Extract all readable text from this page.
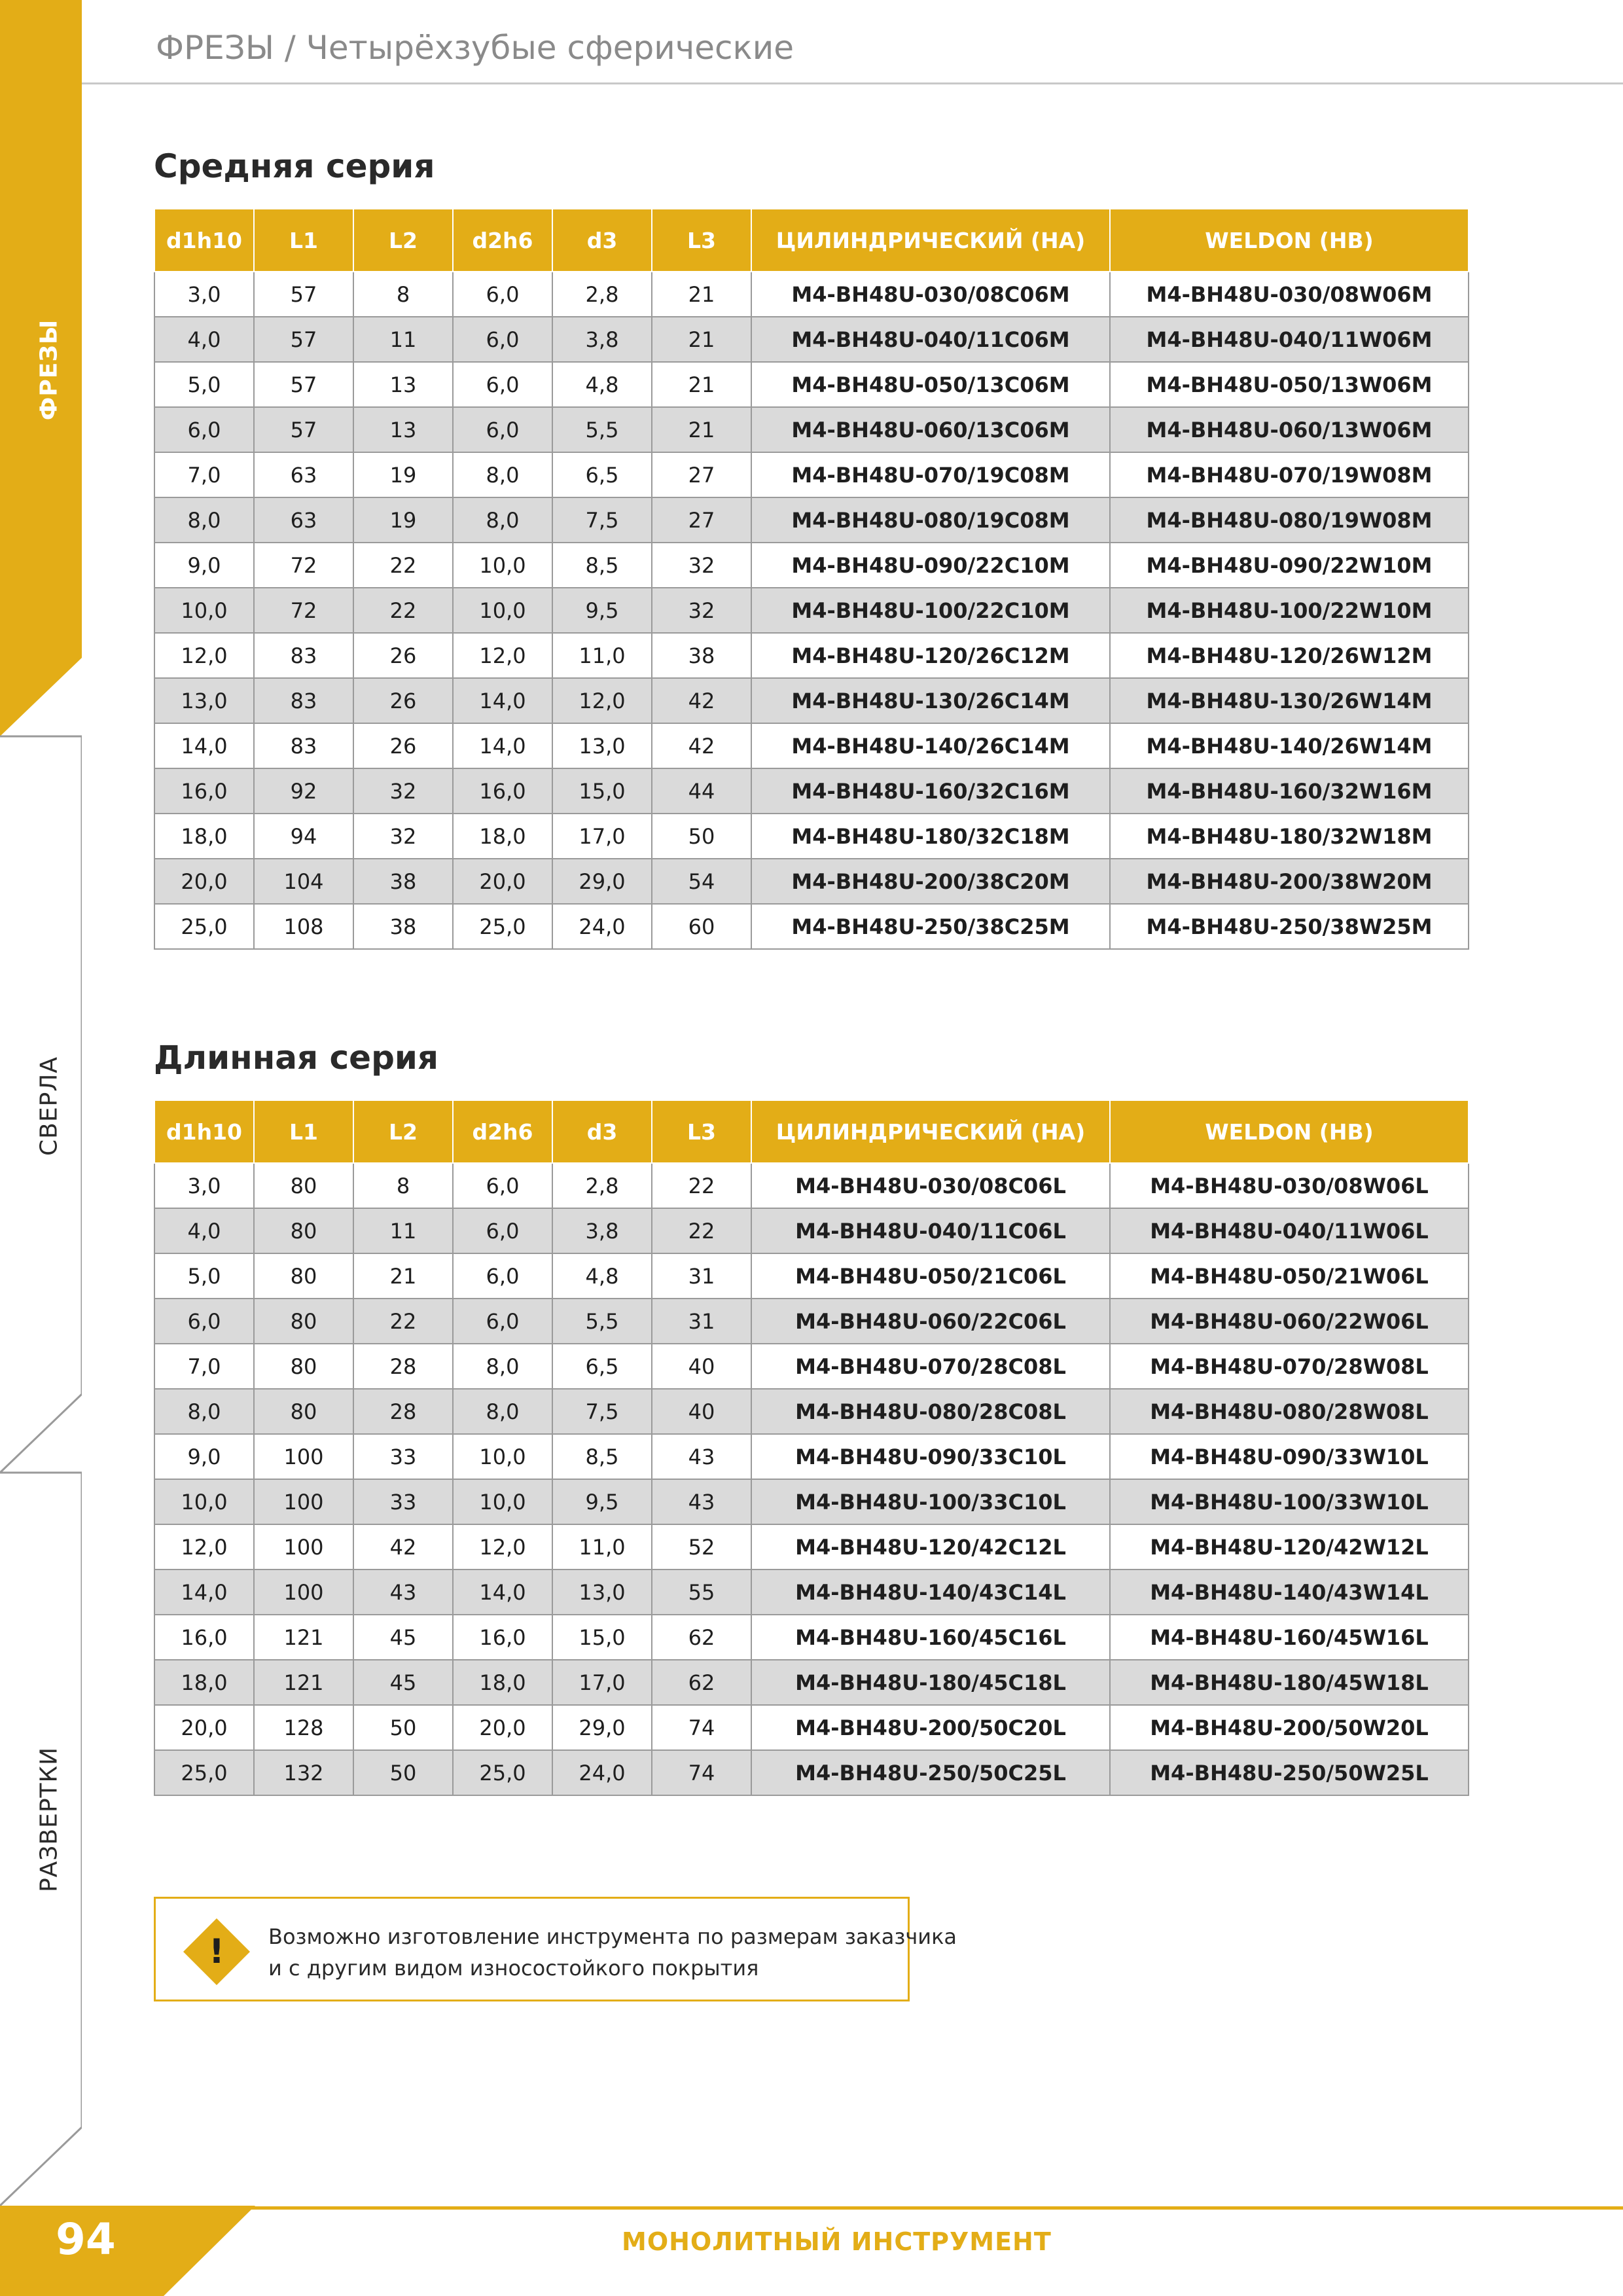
ФРЕЗЫ / Четырёхзубые сферические
ФРЕЗЫ
СВЕРЛА
РАЗВЕРТКИ
Средняя серия
d1h10	L1	L2	d2h6	d3	L3	ЦИЛИНДРИЧЕСКИЙ (HA)	WELDON (HB)
3,0	57	8	6,0	2,8	21	M4-BH48U-030/08C06M	M4-BH48U-030/08W06M
4,0	57	11	6,0	3,8	21	M4-BH48U-040/11C06M	M4-BH48U-040/11W06M
5,0	57	13	6,0	4,8	21	M4-BH48U-050/13C06M	M4-BH48U-050/13W06M
6,0	57	13	6,0	5,5	21	M4-BH48U-060/13C06M	M4-BH48U-060/13W06M
7,0	63	19	8,0	6,5	27	M4-BH48U-070/19C08M	M4-BH48U-070/19W08M
8,0	63	19	8,0	7,5	27	M4-BH48U-080/19C08M	M4-BH48U-080/19W08M
9,0	72	22	10,0	8,5	32	M4-BH48U-090/22C10M	M4-BH48U-090/22W10M
10,0	72	22	10,0	9,5	32	M4-BH48U-100/22C10M	M4-BH48U-100/22W10M
12,0	83	26	12,0	11,0	38	M4-BH48U-120/26C12M	M4-BH48U-120/26W12M
13,0	83	26	14,0	12,0	42	M4-BH48U-130/26C14M	M4-BH48U-130/26W14M
14,0	83	26	14,0	13,0	42	M4-BH48U-140/26C14M	M4-BH48U-140/26W14M
16,0	92	32	16,0	15,0	44	M4-BH48U-160/32C16M	M4-BH48U-160/32W16M
18,0	94	32	18,0	17,0	50	M4-BH48U-180/32C18M	M4-BH48U-180/32W18M
20,0	104	38	20,0	29,0	54	M4-BH48U-200/38C20M	M4-BH48U-200/38W20M
25,0	108	38	25,0	24,0	60	M4-BH48U-250/38C25M	M4-BH48U-250/38W25M
Длинная серия
d1h10	L1	L2	d2h6	d3	L3	ЦИЛИНДРИЧЕСКИЙ (HA)	WELDON (HB)
3,0	80	8	6,0	2,8	22	M4-BH48U-030/08C06L	M4-BH48U-030/08W06L
4,0	80	11	6,0	3,8	22	M4-BH48U-040/11C06L	M4-BH48U-040/11W06L
5,0	80	21	6,0	4,8	31	M4-BH48U-050/21C06L	M4-BH48U-050/21W06L
6,0	80	22	6,0	5,5	31	M4-BH48U-060/22C06L	M4-BH48U-060/22W06L
7,0	80	28	8,0	6,5	40	M4-BH48U-070/28C08L	M4-BH48U-070/28W08L
8,0	80	28	8,0	7,5	40	M4-BH48U-080/28C08L	M4-BH48U-080/28W08L
9,0	100	33	10,0	8,5	43	M4-BH48U-090/33C10L	M4-BH48U-090/33W10L
10,0	100	33	10,0	9,5	43	M4-BH48U-100/33C10L	M4-BH48U-100/33W10L
12,0	100	42	12,0	11,0	52	M4-BH48U-120/42C12L	M4-BH48U-120/42W12L
14,0	100	43	14,0	13,0	55	M4-BH48U-140/43C14L	M4-BH48U-140/43W14L
16,0	121	45	16,0	15,0	62	M4-BH48U-160/45C16L	M4-BH48U-160/45W16L
18,0	121	45	18,0	17,0	62	M4-BH48U-180/45C18L	M4-BH48U-180/45W18L
20,0	128	50	20,0	29,0	74	M4-BH48U-200/50C20L	M4-BH48U-200/50W20L
25,0	132	50	25,0	24,0	74	M4-BH48U-250/50C25L	M4-BH48U-250/50W25L
! Возможно изготовление инструмента по размерам заказчика
и с другим видом износостойкого покрытия
94	МОНОЛИТНЫЙ ИНСТРУМЕНТ
